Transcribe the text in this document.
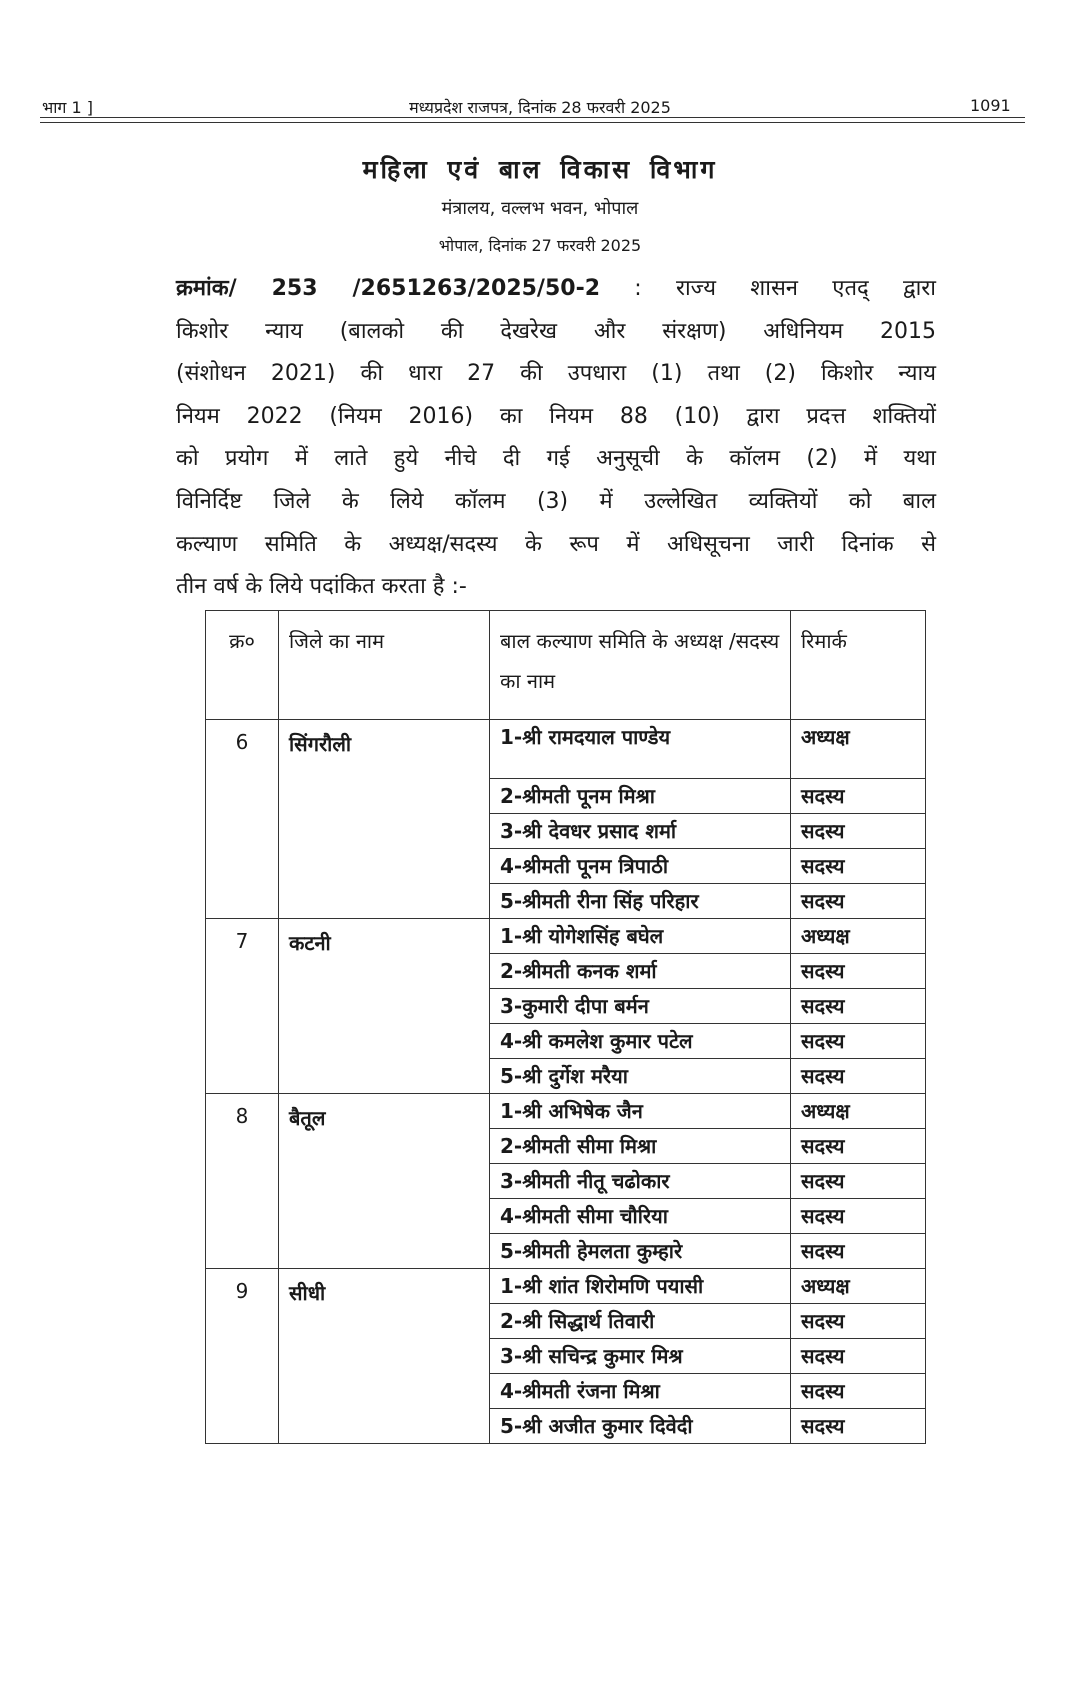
भाग 1 ]	मध्यप्रदेश राजपत्र, दिनांक 28 फरवरी 2025	1091
महिला एवं बाल विकास विभाग
मंत्रालय, वल्लभ भवन, भोपाल
भोपाल, दिनांक 27 फरवरी 2025
क्रमांक/ 253 /2651263/2025/50-2 : राज्य शासन एतद् द्वारा
किशोर न्याय (बालको की देखरेख और संरक्षण) अधिनियम 2015
(संशोधन 2021) की धारा 27 की उपधारा (1) तथा (2) किशोर न्याय
नियम 2022 (नियम 2016) का नियम 88 (10) द्वारा प्रदत्त शक्तियों
को प्रयोग में लाते हुये नीचे दी गई अनुसूची के कॉलम (2) में यथा
विनिर्दिष्ट जिले के लिये कॉलम (3) में उल्लेखित व्यक्तियों को बाल
कल्याण समिति के अध्यक्ष/सदस्य के रूप में अधिसूचना जारी दिनांक से
तीन वर्ष के लिये पदांकित करता है :-
क्र०	जिले का नाम	बाल कल्याण समिति के अध्यक्ष /सदस्य का नाम	रिमार्क
6	सिंगरौली	1-श्री रामदयाल पाण्डेय	अध्यक्ष
		2-श्रीमती पूनम मिश्रा	सदस्य
		3-श्री देवधर प्रसाद शर्मा	सदस्य
		4-श्रीमती पूनम त्रिपाठी	सदस्य
		5-श्रीमती रीना सिंह परिहार	सदस्य
7	कटनी	1-श्री योगेशसिंह बघेल	अध्यक्ष
		2-श्रीमती कनक शर्मा	सदस्य
		3-कुमारी दीपा बर्मन	सदस्य
		4-श्री कमलेश कुमार पटेल	सदस्य
		5-श्री दुर्गेश मरैया	सदस्य
8	बैतूल	1-श्री अभिषेक जैन	अध्यक्ष
		2-श्रीमती सीमा मिश्रा	सदस्य
		3-श्रीमती नीतू चढोकार	सदस्य
		4-श्रीमती सीमा चौरिया	सदस्य
		5-श्रीमती हेमलता कुम्हारे	सदस्य
9	सीधी	1-श्री शांत शिरोमणि पयासी	अध्यक्ष
		2-श्री सिद्धार्थ तिवारी	सदस्य
		3-श्री सचिन्द्र कुमार मिश्र	सदस्य
		4-श्रीमती रंजना मिश्रा	सदस्य
		5-श्री अजीत कुमार दिवेदी	सदस्य
